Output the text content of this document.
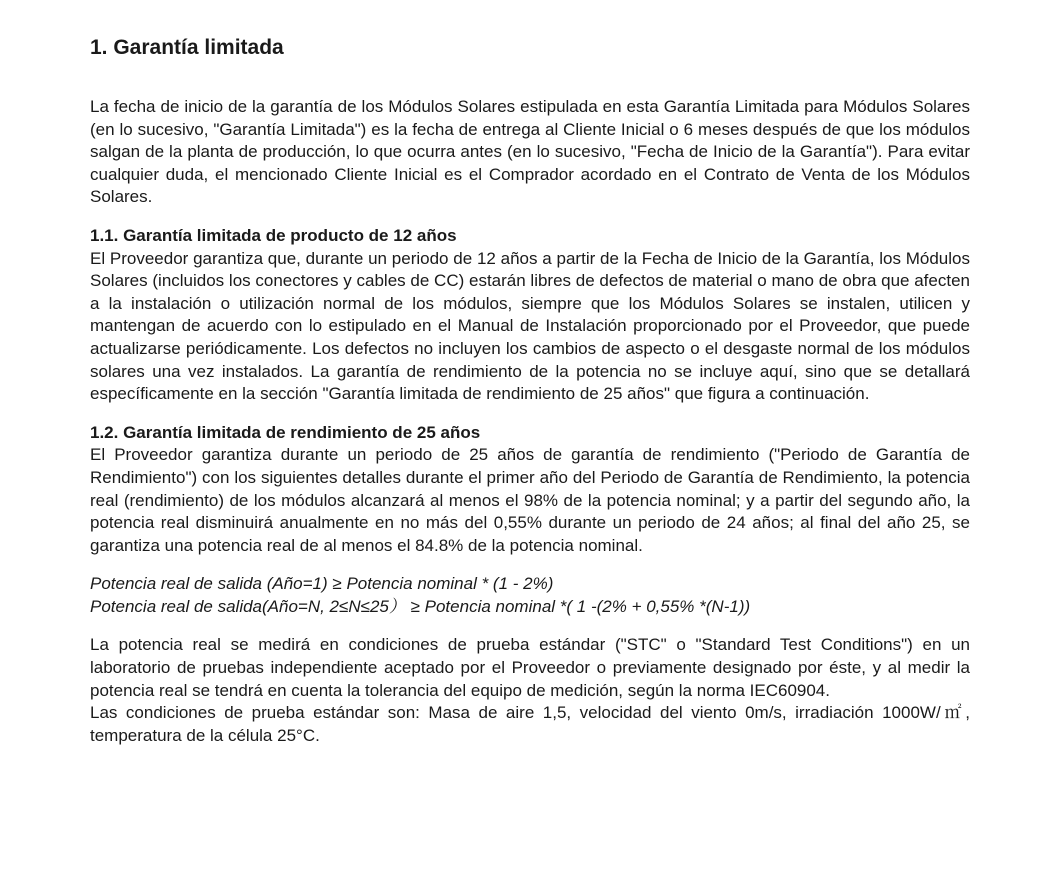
1. Garantía limitada

La fecha de inicio de la garantía de los Módulos Solares estipulada en esta Garantía Limitada para Módulos Solares (en lo sucesivo, "Garantía Limitada") es la fecha de entrega al Cliente Inicial o 6 meses después de que los módulos salgan de la planta de producción, lo que ocurra antes (en lo sucesivo, "Fecha de Inicio de la Garantía"). Para evitar cualquier duda, el mencionado Cliente Inicial es el Comprador acordado en el Contrato de Venta de los Módulos Solares.

1.1. Garantía limitada de producto de 12 años

El Proveedor garantiza que, durante un periodo de 12 años a partir de la Fecha de Inicio de la Garantía, los Módulos Solares (incluidos los conectores y cables de CC) estarán libres de defectos de material o mano de obra que afecten a la instalación o utilización normal de los módulos, siempre que los Módulos Solares se instalen, utilicen y mantengan de acuerdo con lo estipulado en el Manual de Instalación proporcionado por el Proveedor, que puede actualizarse periódicamente. Los defectos no incluyen los cambios de aspecto o el desgaste normal de los módulos solares una vez instalados. La garantía de rendimiento de la potencia no se incluye aquí, sino que se detallará específicamente en la sección "Garantía limitada de rendimiento de 25 años" que figura a continuación.

1.2. Garantía limitada de rendimiento de 25 años

El Proveedor garantiza durante un periodo de 25 años de garantía de rendimiento ("Periodo de Garantía de Rendimiento") con los siguientes detalles durante el primer año del Periodo de Garantía de Rendimiento, la potencia real (rendimiento) de los módulos alcanzará al menos el 98% de la potencia nominal; y a partir del segundo año, la potencia real disminuirá anualmente en no más del 0,55% durante un periodo de 24 años; al final del año 25, se garantiza una potencia real de al menos el 84.8% de la potencia nominal.

Potencia real de salida (Año=1) ≥ Potencia nominal * (1 - 2%)

Potencia real de salida(Año=N, 2≤N≤25） ≥ Potencia nominal *( 1 -(2% + 0,55% *(N-1))

La potencia real se medirá en condiciones de prueba estándar ("STC" o "Standard Test Conditions") en un laboratorio de pruebas independiente aceptado por el Proveedor o previamente designado por éste, y al medir la potencia real se tendrá en cuenta la tolerancia del equipo de medición, según la norma IEC60904.

Las condiciones de prueba estándar son: Masa de aire 1,5, velocidad del viento 0m/s, irradiación 1000W/㎡, temperatura de la célula 25°C.
